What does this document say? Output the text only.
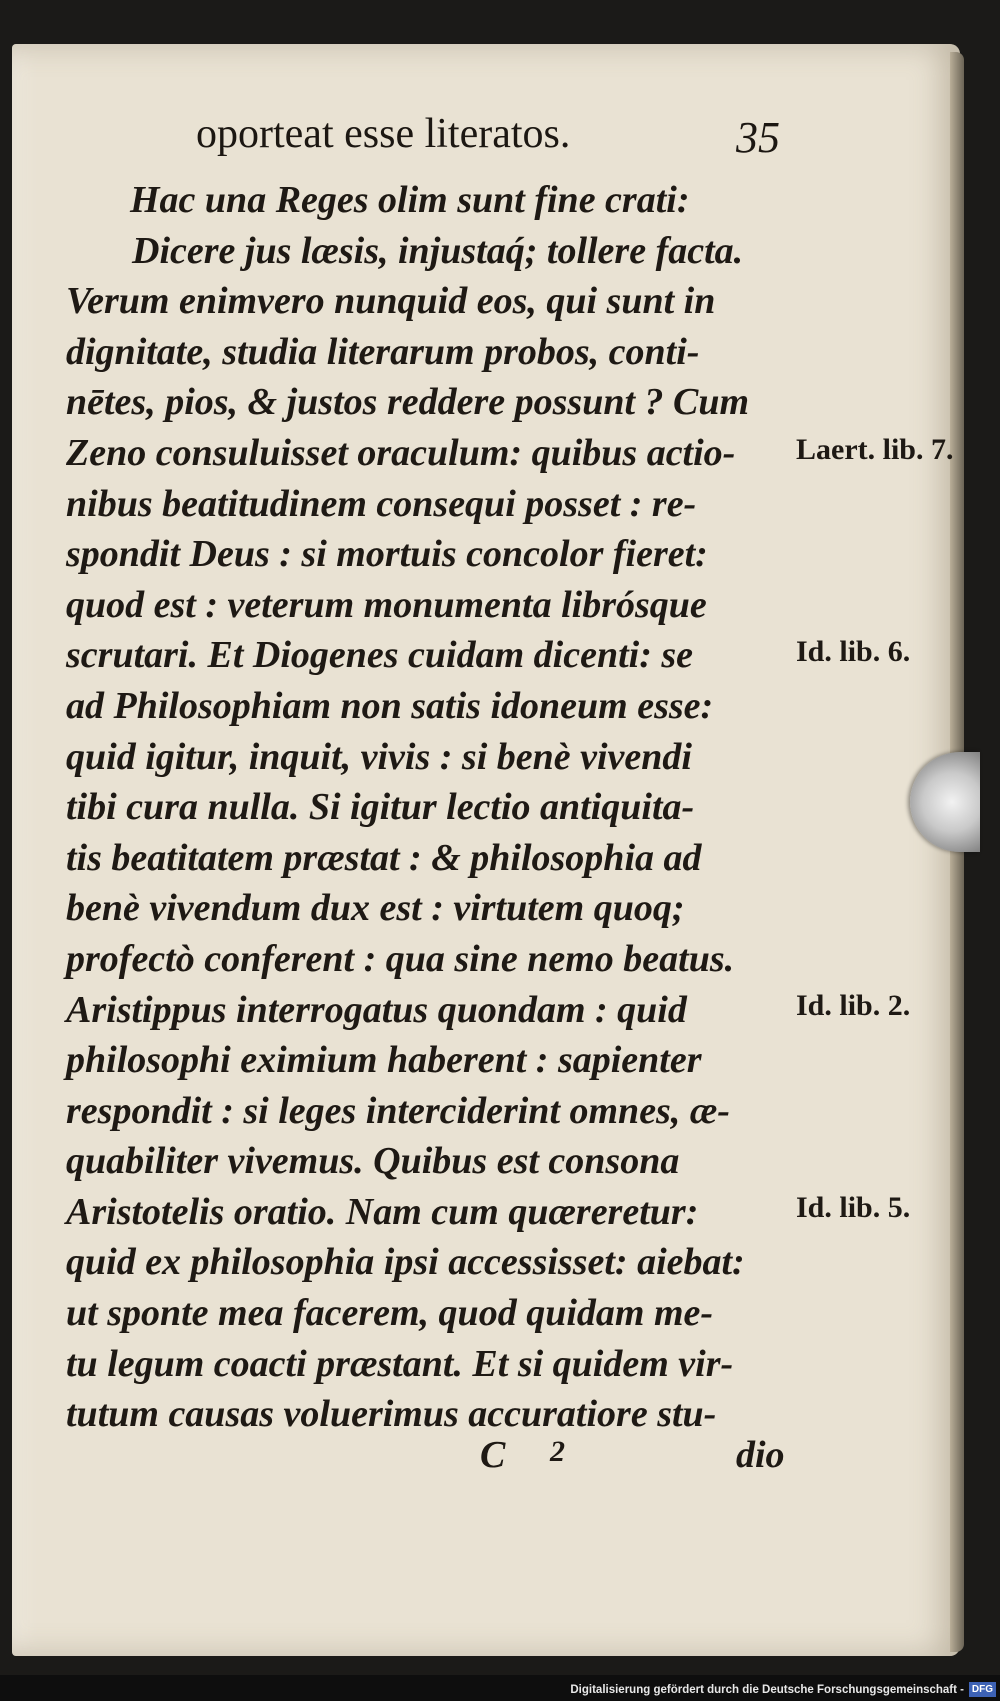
oporteat esse literatos.	35
Hac una Reges olim sunt fine crati:
Dicere jus læsis, injustaq́; tollere facta.
Verum enimvero nunquid eos, qui sunt in
dignitate, studia literarum probos, conti-
nētes, pios, & justos reddere possunt ? Cum
Zeno consuluisset oraculum: quibus actio-
nibus beatitudinem consequi posset : re-
spondit Deus : si mortuis concolor fieret:
quod est : veterum monumenta librósque
scrutari. Et Diogenes cuidam dicenti: se
ad Philosophiam non satis idoneum esse:
quid igitur, inquit, vivis : si benè vivendi
tibi cura nulla. Si igitur lectio antiquita-
tis beatitatem præstat : & philosophia ad
benè vivendum dux est : virtutem quoq;
profectò conferent : qua sine nemo beatus.
Aristippus interrogatus quondam : quid
philosophi eximium haberent : sapienter
respondit : si leges interciderint omnes, æ-
quabiliter vivemus. Quibus est consona
Aristotelis oratio. Nam cum quæreretur:
quid ex philosophia ipsi accessisset: aiebat:
ut sponte mea facerem, quod quidam me-
tu legum coacti præstant. Et si quidem vir-
tutum causas voluerimus accuratiore stu-
Laert. lib. 7.
Id. lib. 6.
Id. lib. 2.
Id. lib. 5.
C 2	dio
Digitalisierung gefördert durch die Deutsche Forschungsgemeinschaft - DFG
